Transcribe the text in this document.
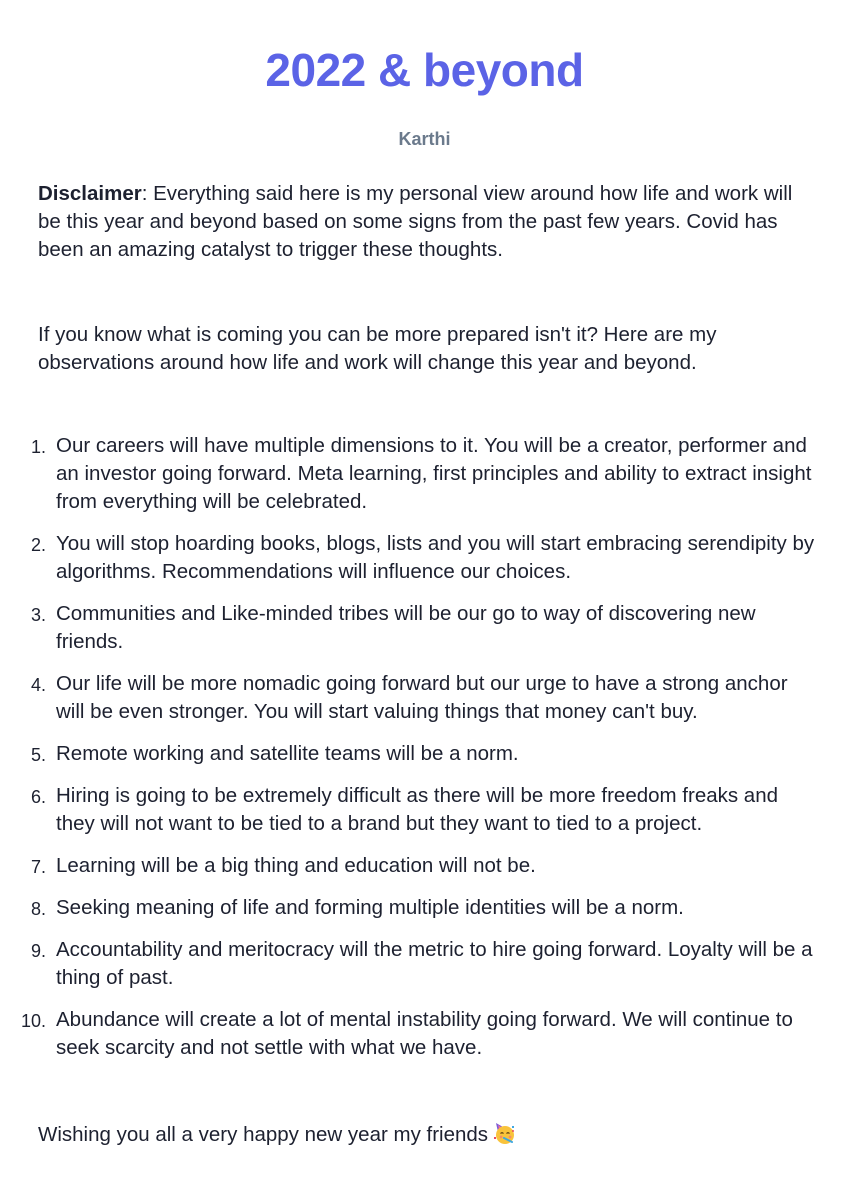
2022 & beyond
Karthi

Disclaimer: Everything said here is my personal view around how life and work will be this year and beyond based on some signs from the past few years. Covid has been an amazing catalyst to trigger these thoughts.

If you know what is coming you can be more prepared isn't it? Here are my observations around how life and work will change this year and beyond.

1. Our careers will have multiple dimensions to it. You will be a creator, performer and an investor going forward. Meta learning, first principles and ability to extract insight from everything will be celebrated.
2. You will stop hoarding books, blogs, lists and you will start embracing serendipity by algorithms. Recommendations will influence our choices.
3. Communities and Like-minded tribes will be our go to way of discovering new friends.
4. Our life will be more nomadic going forward but our urge to have a strong anchor will be even stronger. You will start valuing things that money can't buy.
5. Remote working and satellite teams will be a norm.
6. Hiring is going to be extremely difficult as there will be more freedom freaks and they will not want to be tied to a brand but they want to tied to a project.
7. Learning will be a big thing and education will not be.
8. Seeking meaning of life and forming multiple identities will be a norm.
9. Accountability and meritocracy will the metric to hire going forward. Loyalty will be a thing of past.
10. Abundance will create a lot of mental instability going forward. We will continue to seek scarcity and not settle with what we have.

Wishing you all a very happy new year my friends
